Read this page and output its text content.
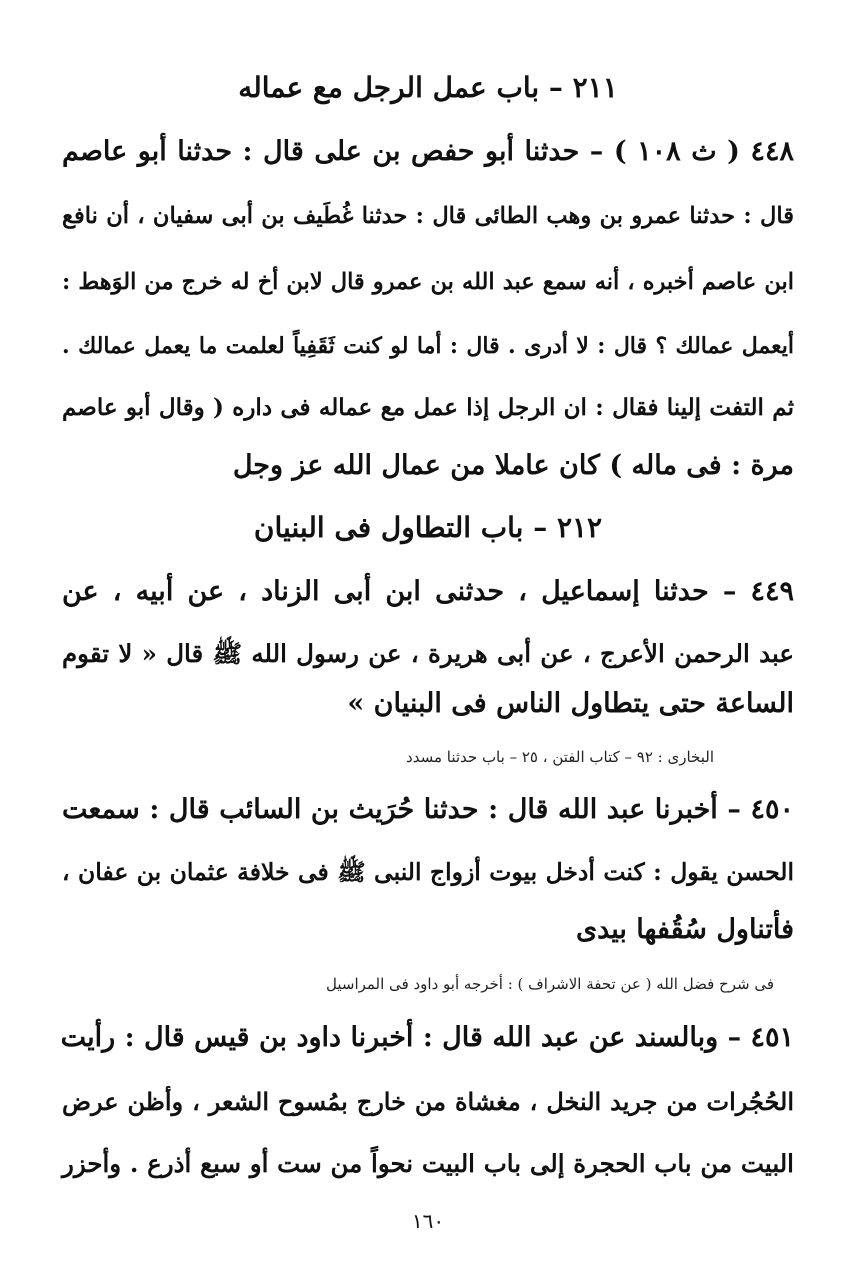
٢١١ – باب عمل الرجل مع عماله
٤٤٨ ( ث ١٠٨ ) – حدثنا أبو حفص بن على قال : حدثنا أبو عاصم
قال : حدثنا عمرو بن وهب الطائى قال : حدثنا غُطَيف بن أبى سفيان ، أن نافع
ابن عاصم أخبره ، أنه سمع عبد الله بن عمرو قال لابن أخ له خرج من الوَهط :
أيعمل عمالك ؟ قال : لا أدرى . قال : أما لو كنت ثَقَفِياً لعلمت ما يعمل عمالك .
ثم التفت إلينا فقال : ان الرجل إذا عمل مع عماله فى داره ( وقال أبو عاصم
مرة : فى ماله ) كان عاملا من عمال الله عز وجل
٢١٢ – باب التطاول فى البنيان
٤٤٩ – حدثنا إسماعيل ، حدثنى ابن أبى الزناد ، عن أبيه ، عن
عبد الرحمن الأعرج ، عن أبى هريرة ، عن رسول الله ﷺ قال « لا تقوم
الساعة حتى يتطاول الناس فى البنيان »
البخارى : ٩٢ – كتاب الفتن ، ٢٥ – باب حدثنا مسدد
٤٥٠ – أخبرنا عبد الله قال : حدثنا حُرَيث بن السائب قال : سمعت
الحسن يقول : كنت أدخل بيوت أزواج النبى ﷺ فى خلافة عثمان بن عفان ،
فأتناول سُقُفها بيدى
فى شرح فضل الله ( عن تحفة الاشراف ) : أخرجه أبو داود فى المراسيل
٤٥١ – وبالسند عن عبد الله قال : أخبرنا داود بن قيس قال : رأيت
الحُجُرات من جريد النخل ، مغشاة من خارج بمُسوح الشعر ، وأظن عرض
البيت من باب الحجرة إلى باب البيت نحواً من ست أو سبع أذرع . وأحزر
١٦٠
